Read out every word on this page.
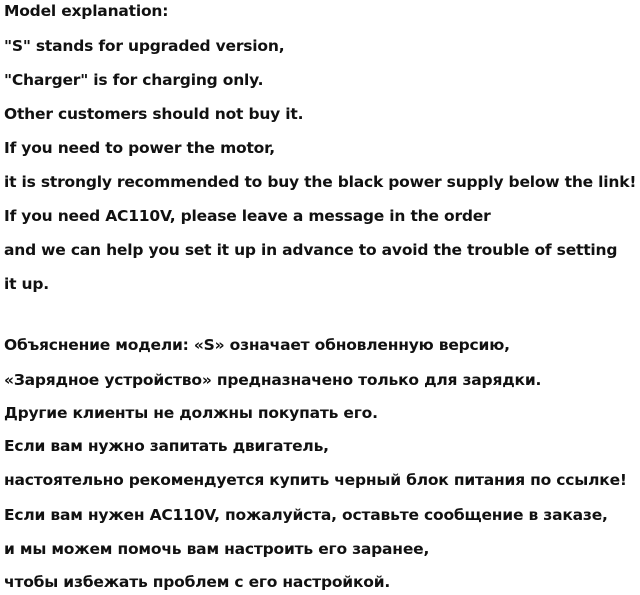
Model explanation:
"S" stands for upgraded version,
"Charger" is for charging only.
Other customers should not buy it.
If you need to power the motor,
it is strongly recommended to buy the black power supply below the link!
If you need AC110V, please leave a message in the order
and we can help you set it up in advance to avoid the trouble of setting
it up.
Объяснение модели: «S» означает обновленную версию,
«Зарядное устройство» предназначено только для зарядки.
Другие клиенты не должны покупать его.
Если вам нужно запитать двигатель,
настоятельно рекомендуется купить черный блок питания по ссылке!
Если вам нужен AC110V, пожалуйста, оставьте сообщение в заказе,
и мы можем помочь вам настроить его заранее,
чтобы избежать проблем с его настройкой.
